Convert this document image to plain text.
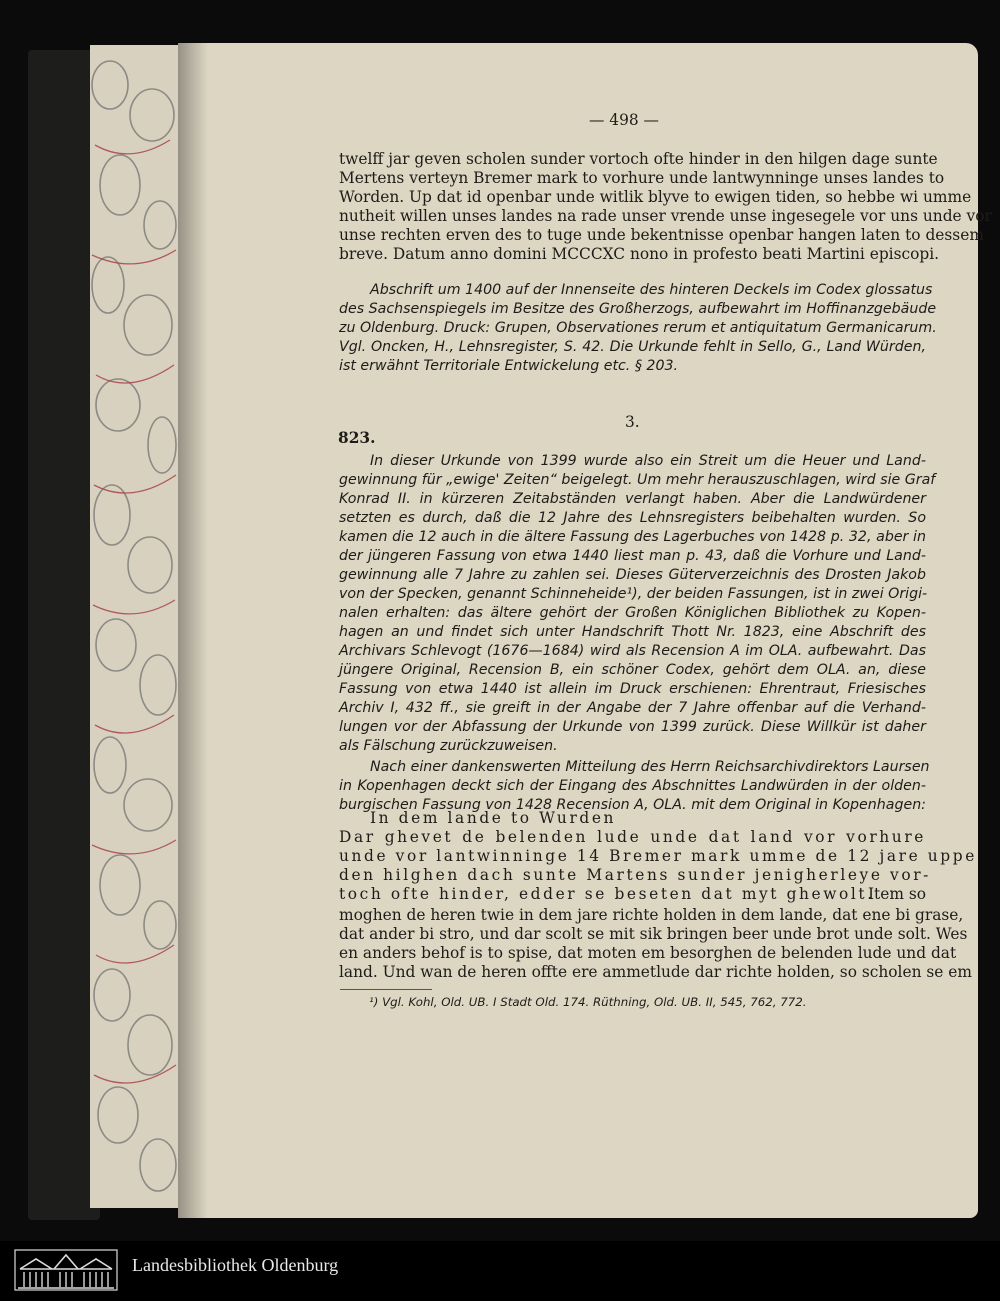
— 498 —

twelff jar geven scholen sunder vortoch ofte hinder in den hilgen dage sunte

Mertens verteyn Bremer mark to vorhure unde lantwynninge unses landes to

Worden. Up dat id openbar unde witlik blyve to ewigen tiden, so hebbe wi umme

nutheit willen unses landes na rade unser vrende unse ingesegele vor uns unde vor

unse rechten erven des to tuge unde bekentnisse openbar hangen laten to dessem

breve. Datum anno domini MCCCXC nono in profesto beati Martini episcopi.

Abschrift um 1400 auf der Innenseite des hinteren Deckels im Codex glossatus

des Sachsenspiegels im Besitze des Großherzogs, aufbewahrt im Hoffinanzgebäude

zu Oldenburg. Druck: Grupen, Observationes rerum et antiquitatum Germanicarum.

Vgl. Oncken, H., Lehnsregister, S. 42. Die Urkunde fehlt in Sello, G., Land Würden,

ist erwähnt Territoriale Entwickelung etc. § 203.

3.

823.

In dieser Urkunde von 1399 wurde also ein Streit um die Heuer und Land-

gewinnung für „ewige' Zeiten“ beigelegt. Um mehr herauszuschlagen, wird sie Graf

Konrad II. in kürzeren Zeitabständen verlangt haben. Aber die Landwürdener

setzten es durch, daß die 12 Jahre des Lehnsregisters beibehalten wurden. So

kamen die 12 auch in die ältere Fassung des Lagerbuches von 1428 p. 32, aber in

der jüngeren Fassung von etwa 1440 liest man p. 43, daß die Vorhure und Land-

gewinnung alle 7 Jahre zu zahlen sei. Dieses Güterverzeichnis des Drosten Jakob

von der Specken, genannt Schinneheide¹), der beiden Fassungen, ist in zwei Origi-

nalen erhalten: das ältere gehört der Großen Königlichen Bibliothek zu Kopen-

hagen an und findet sich unter Handschrift Thott Nr. 1823, eine Abschrift des

Archivars Schlevogt (1676—1684) wird als Recension A im OLA. aufbewahrt. Das

jüngere Original, Recension B, ein schöner Codex, gehört dem OLA. an, diese

Fassung von etwa 1440 ist allein im Druck erschienen: Ehrentraut, Friesisches

Archiv I, 432 ff., sie greift in der Angabe der 7 Jahre offenbar auf die Verhand-

lungen vor der Abfassung der Urkunde von 1399 zurück. Diese Willkür ist daher

als Fälschung zurückzuweisen.

Nach einer dankenswerten Mitteilung des Herrn Reichsarchivdirektors Laursen

in Kopenhagen deckt sich der Eingang des Abschnittes Landwürden in der olden-

burgischen Fassung von 1428 Recension A, OLA. mit dem Original in Kopenhagen:

In dem lande to Wurden

Dar ghevet de belenden lude unde dat land vor vorhure

unde vor lantwinninge 14 Bremer mark umme de 12 jare uppe

den hilghen dach sunte Martens sunder jenigherleye vor-

toch ofte hinder, edder se beseten dat myt ghewolt.
Item so

moghen de heren twie in dem jare richte holden in dem lande, dat ene bi grase,

dat ander bi stro, und dar scolt se mit sik bringen beer unde brot unde solt. Wes

en anders behof is to spise, dat moten em besorghen de belenden lude und dat

land. Und wan de heren offte ere ammetlude dar richte holden, so scholen se em

¹) Vgl. Kohl, Old. UB. I Stadt Old. 174. Rüthning, Old. UB. II, 545, 762, 772.

Landesbibliothek Oldenburg
